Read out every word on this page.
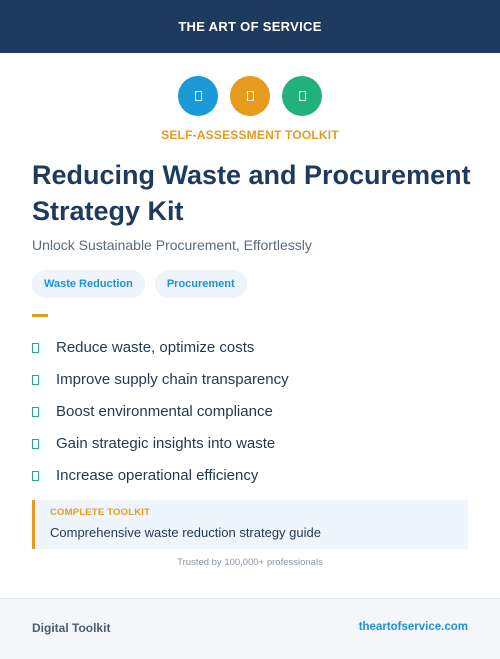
THE ART OF SERVICE
SELF-ASSESSMENT TOOLKIT
Reducing Waste and Procurement Strategy Kit
Unlock Sustainable Procurement, Effortlessly
Waste Reduction	Procurement
Reduce waste, optimize costs
Improve supply chain transparency
Boost environmental compliance
Gain strategic insights into waste
Increase operational efficiency
COMPLETE TOOLKIT
Comprehensive waste reduction strategy guide
Trusted by 100,000+ professionals
Digital Toolkit	theartofservice.com
